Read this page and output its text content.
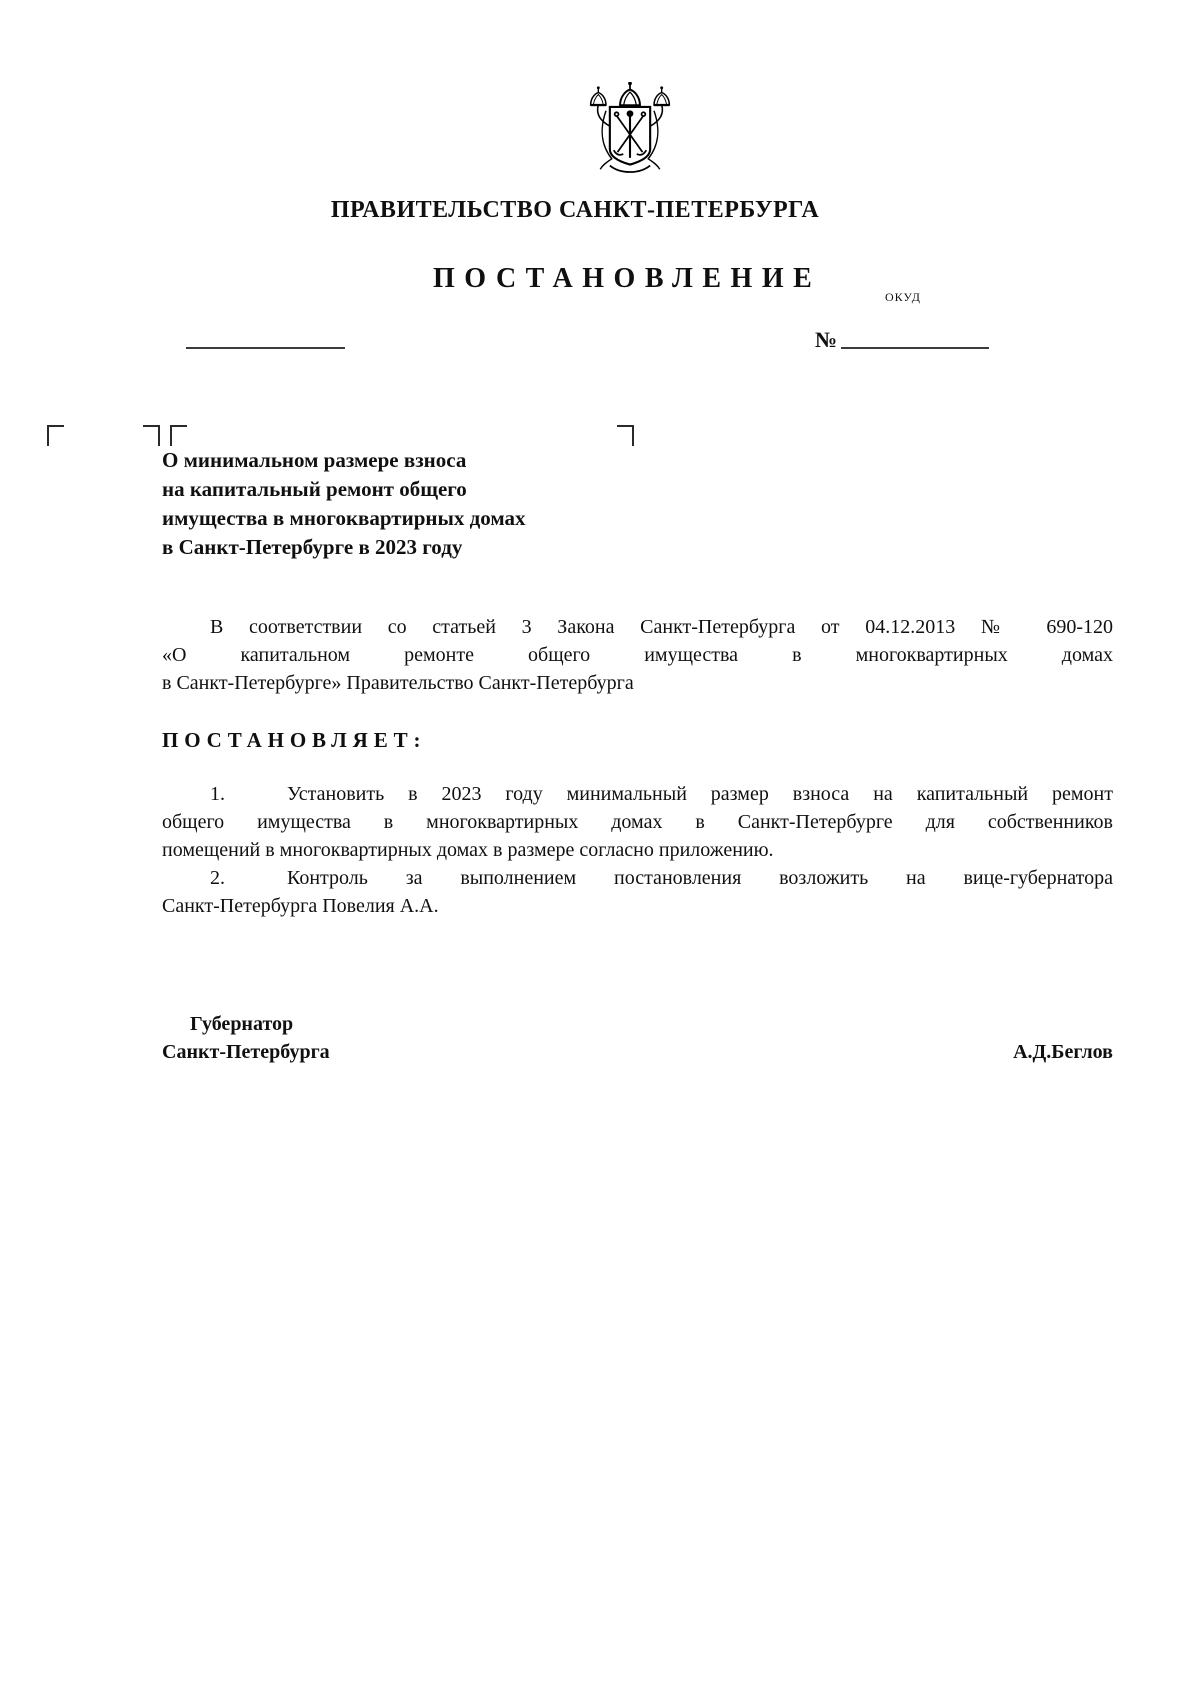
ПРАВИТЕЛЬСТВО САНКТ-ПЕТЕРБУРГА
ПОСТАНОВЛЕНИЕ
ОКУД
№
О минимальном размере взноса
на капитальный ремонт общего
имущества в многоквартирных домах
в Санкт-Петербурге в 2023 году
В соответствии со статьей 3 Закона Санкт-Петербурга от 04.12.2013 № 690-120
«О капитальном ремонте общего имущества в многоквартирных домах
в Санкт-Петербурге» Правительство Санкт-Петербурга
ПОСТАНОВЛЯЕТ:
1.	Установить в 2023 году минимальный размер взноса на капитальный ремонт
общего имущества в многоквартирных домах в Санкт-Петербурге для собственников
помещений в многоквартирных домах в размере согласно приложению.
2.	Контроль за выполнением постановления возложить на вице-губернатора
Санкт-Петербурга Повелия А.А.
Губернатор
Санкт-Петербурга	А.Д.Беглов
